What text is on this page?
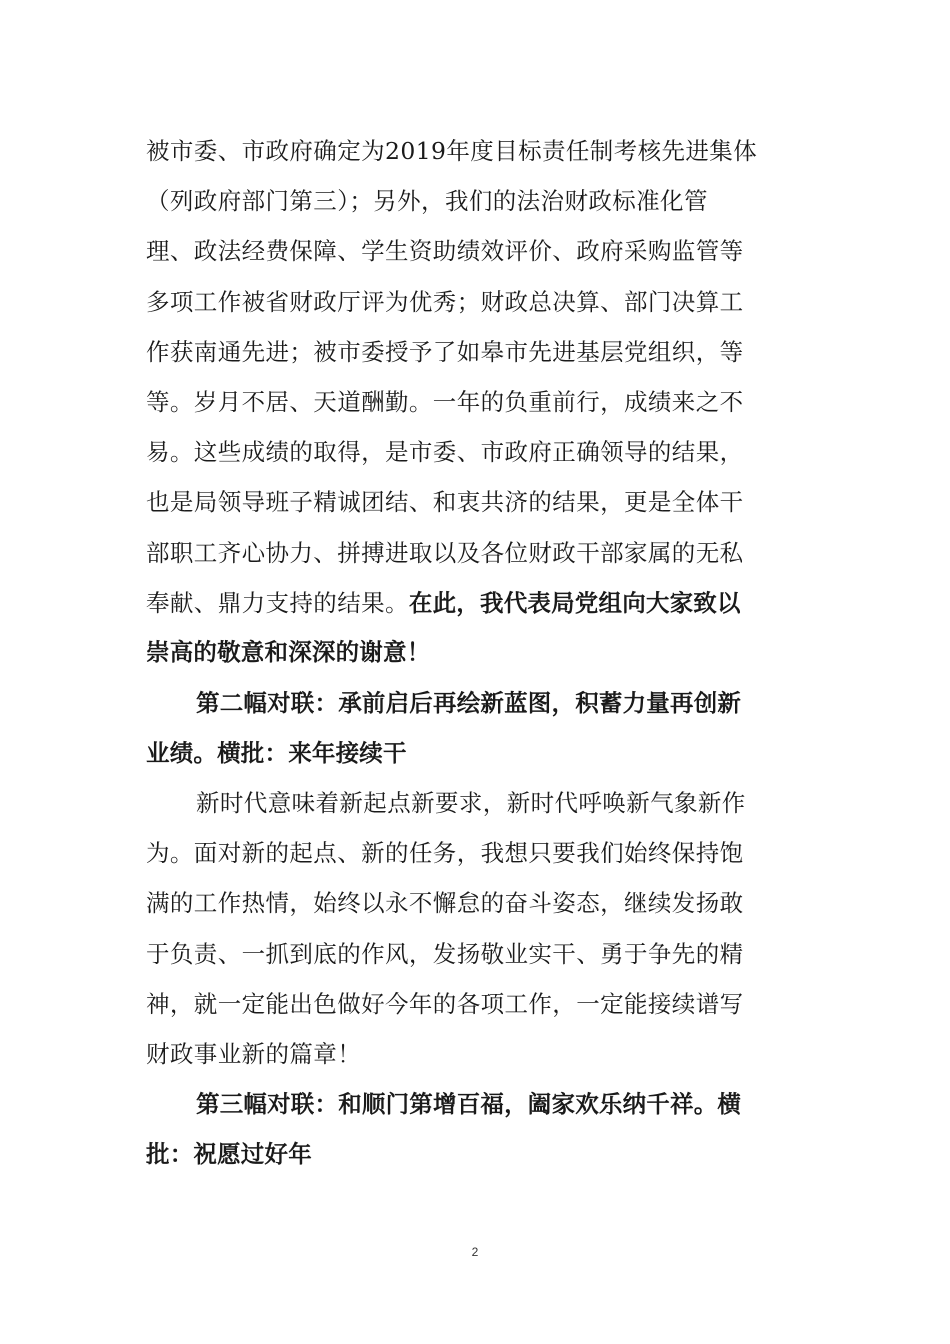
被市委、市政府确定为2019年度目标责任制考核先进集体
（列政府部门第三）；另外，我们的法治财政标准化管
理、政法经费保障、学生资助绩效评价、政府采购监管等
多项工作被省财政厅评为优秀；财政总决算、部门决算工
作获南通先进；被市委授予了如皋市先进基层党组织，等
等。岁月不居、天道酬勤。一年的负重前行，成绩来之不
易。这些成绩的取得，是市委、市政府正确领导的结果，
也是局领导班子精诚团结、和衷共济的结果，更是全体干
部职工齐心协力、拼搏进取以及各位财政干部家属的无私
奉献、鼎力支持的结果。在此，我代表局党组向大家致以
崇高的敬意和深深的谢意！
第二幅对联：承前启后再绘新蓝图，积蓄力量再创新
业绩。横批：来年接续干
新时代意味着新起点新要求，新时代呼唤新气象新作
为。面对新的起点、新的任务，我想只要我们始终保持饱
满的工作热情，始终以永不懈怠的奋斗姿态，继续发扬敢
于负责、一抓到底的作风，发扬敬业实干、勇于争先的精
神，就一定能出色做好今年的各项工作，一定能接续谱写
财政事业新的篇章！
第三幅对联：和顺门第增百福，阖家欢乐纳千祥。横
批：祝愿过好年
2
